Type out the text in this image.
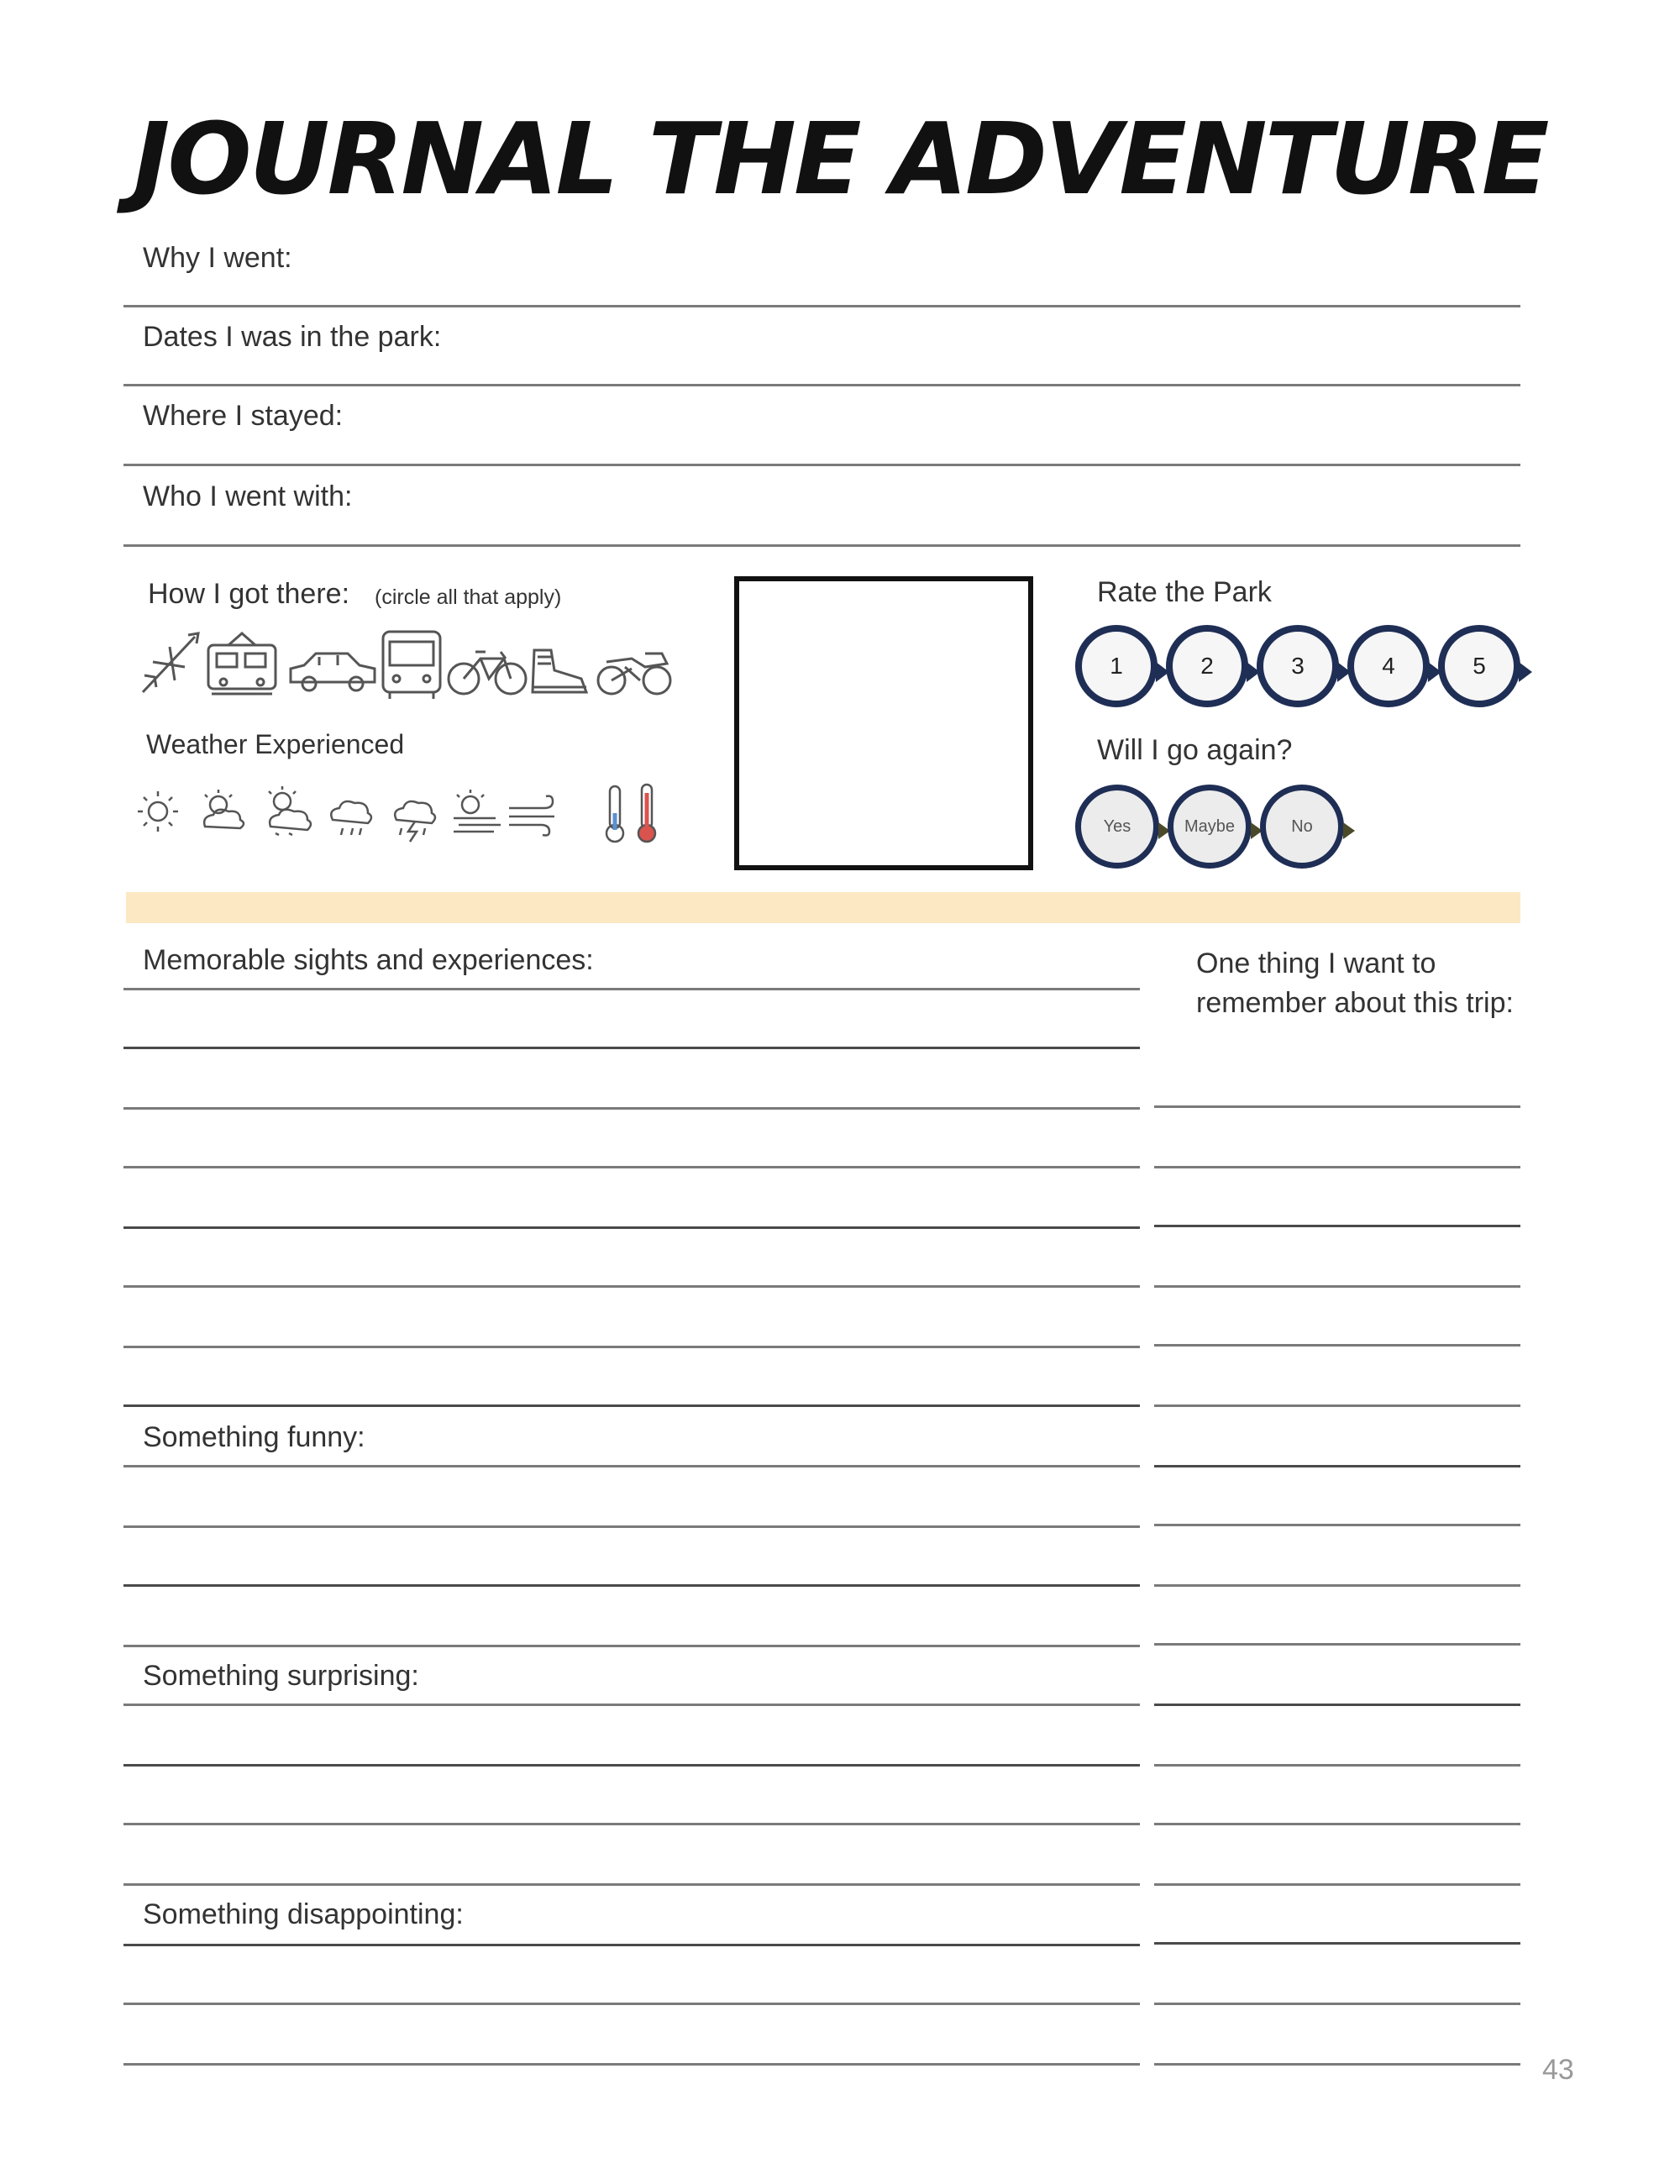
JOURNAL THE ADVENTURE
Why I went:
Dates I was in the park:
Where I stayed:
Who I went with:
How I got there: (circle all that apply)
Weather Experienced
Rate the Park
1	2	3	4	5
Will I go again?
Yes	Maybe	No
Memorable sights and experiences:	One thing I want to remember about this trip:
Something funny:
Something surprising:
Something disappointing:
43
